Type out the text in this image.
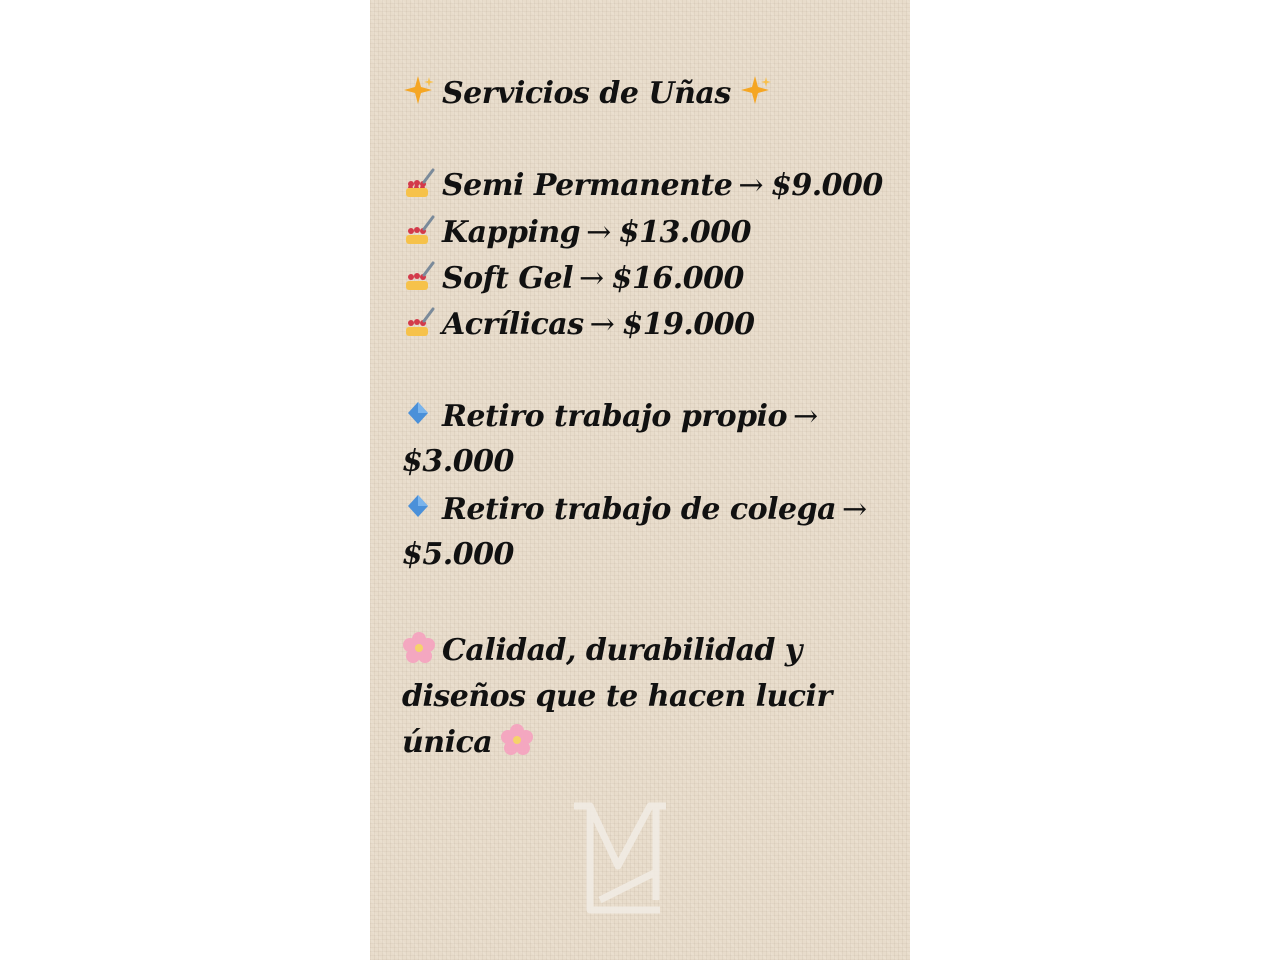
Servicios de Uñas

Semi Permanente → $9.000

Kapping → $13.000

Soft Gel → $16.000

Acrílicas → $19.000

Retiro trabajo propio →

$3.000

Retiro trabajo de colega →

$5.000

Calidad, durabilidad y
diseños que te hacen lucir
única
